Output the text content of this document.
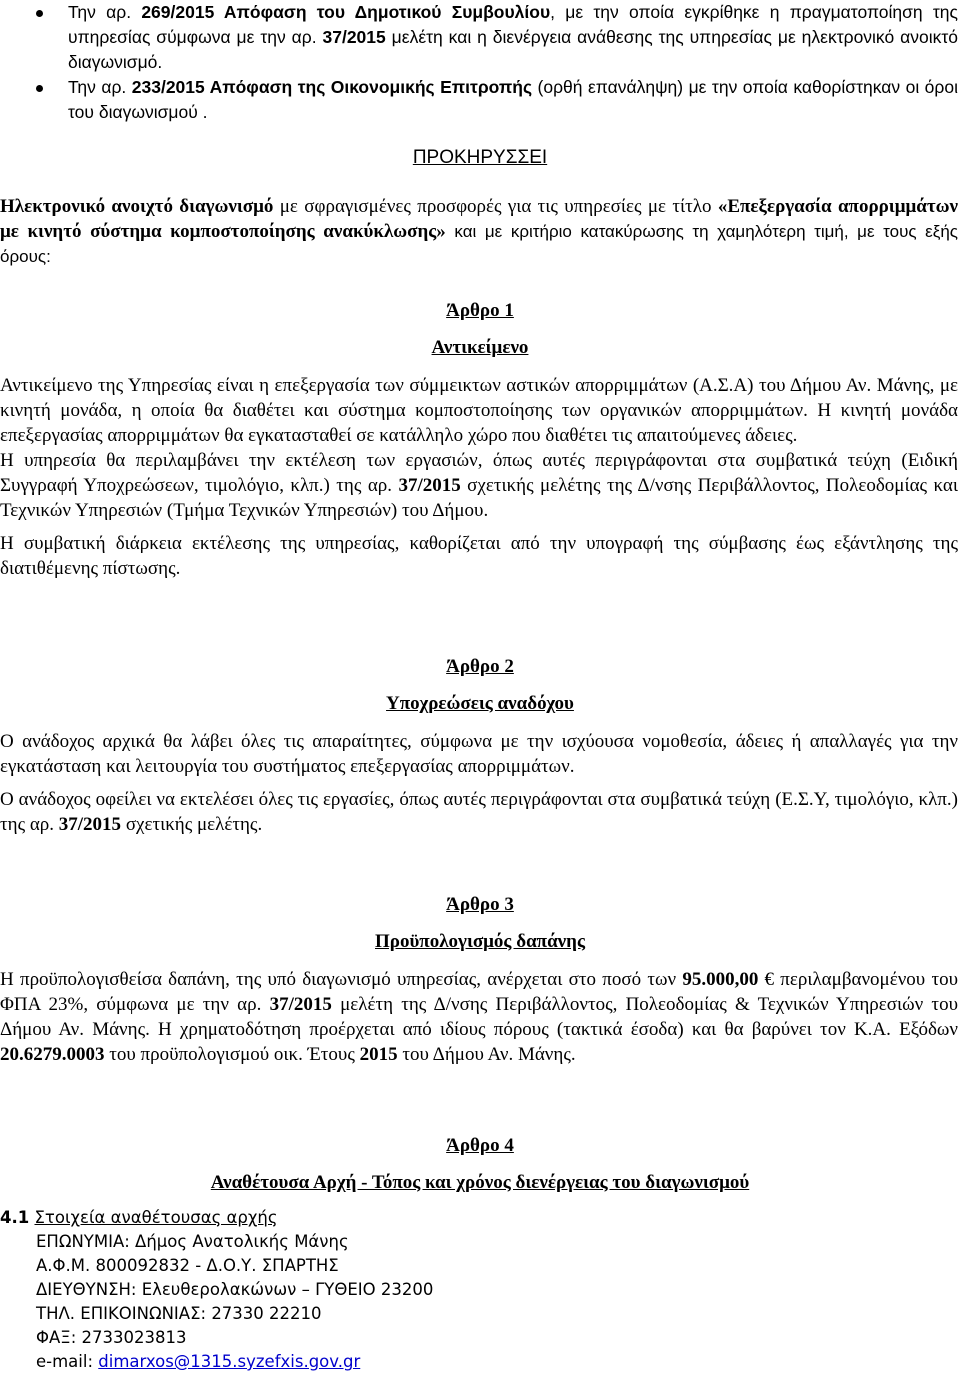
Την αρ. 269/2015 Απόφαση του Δημοτικού Συμβουλίου, με την οποία εγκρίθηκε η πραγματοποίηση της υπηρεσίας σύμφωνα με την αρ. 37/2015 μελέτη και η διενέργεια ανάθεσης της υπηρεσίας με ηλεκτρονικό ανοικτό διαγωνισμό.

Την αρ. 233/2015 Απόφαση της Οικονομικής Επιτροπής (ορθή επανάληψη) με την οποία καθορίστηκαν οι όροι του διαγωνισμού .

ΠΡΟΚΗΡΥΣΣΕΙ

Ηλεκτρονικό ανοιχτό διαγωνισμό με σφραγισμένες προσφορές για τις υπηρεσίες με τίτλο «Επεξεργασία απορριμμάτων με κινητό σύστημα κομποστοποίησης ανακύκλωσης» και με κριτήριο κατακύρωσης τη χαμηλότερη τιμή, με τους εξής όρους:

Άρθρο 1
Αντικείμενο

Αντικείμενο της Υπηρεσίας είναι η επεξεργασία των σύμμεικτων αστικών απορριμμάτων (Α.Σ.Α) του Δήμου Αν. Μάνης, με κινητή μονάδα, η οποία θα διαθέτει και σύστημα κομποστοποίησης των οργανικών απορριμμάτων. Η κινητή μονάδα επεξεργασίας απορριμμάτων θα εγκατασταθεί σε κατάλληλο χώρο που διαθέτει τις απαιτούμενες άδειες.

Η υπηρεσία θα περιλαμβάνει την εκτέλεση των εργασιών, όπως αυτές περιγράφονται στα συμβατικά τεύχη (Ειδική Συγγραφή Υποχρεώσεων, τιμολόγιο, κλπ.) της αρ. 37/2015 σχετικής μελέτης της Δ/νσης Περιβάλλοντος, Πολεοδομίας και Τεχνικών Υπηρεσιών (Τμήμα Τεχνικών Υπηρεσιών) του Δήμου.

Η συμβατική διάρκεια εκτέλεσης της υπηρεσίας, καθορίζεται από την υπογραφή της σύμβασης έως εξάντλησης της διατιθέμενης πίστωσης.

Άρθρο 2
Υποχρεώσεις αναδόχου

Ο ανάδοχος αρχικά θα λάβει όλες τις απαραίτητες, σύμφωνα με την ισχύουσα νομοθεσία, άδειες ή απαλλαγές για την εγκατάσταση και λειτουργία του συστήματος επεξεργασίας απορριμμάτων.

Ο ανάδοχος οφείλει να εκτελέσει όλες τις εργασίες, όπως αυτές περιγράφονται στα συμβατικά τεύχη (Ε.Σ.Υ, τιμολόγιο, κλπ.) της αρ. 37/2015 σχετικής μελέτης.

Άρθρο 3
Προϋπολογισμός δαπάνης

Η προϋπολογισθείσα δαπάνη, της υπό διαγωνισμό υπηρεσίας, ανέρχεται στο ποσό των 95.000,00 € περιλαμβανομένου του ΦΠΑ 23%, σύμφωνα με την αρ. 37/2015 μελέτη της Δ/νσης Περιβάλλοντος, Πολεοδομίας & Τεχνικών Υπηρεσιών του Δήμου Αν. Μάνης. Η χρηματοδότηση προέρχεται από ιδίους πόρους (τακτικά έσοδα) και θα βαρύνει τον Κ.Α. Εξόδων 20.6279.0003 του προϋπολογισμού οικ. Έτους 2015 του Δήμου Αν. Μάνης.

Άρθρο 4
Αναθέτουσα Αρχή - Τόπος και χρόνος διενέργειας του διαγωνισμού

4.1 Στοιχεία αναθέτουσας αρχής

ΕΠΩΝΥΜΙΑ: Δήμος Ανατολικής Μάνης

Α.Φ.Μ. 800092832 - Δ.Ο.Υ. ΣΠΑΡΤΗΣ

ΔΙΕΥΘΥΝΣΗ: Ελευθερολακώνων – ΓΥΘΕΙΟ 23200

ΤΗΛ. ΕΠΙΚΟΙΝΩΝΙΑΣ: 27330 22210

ΦΑΞ: 2733023813

e-mail: dimarxos@1315.syzefxis.gov.gr
